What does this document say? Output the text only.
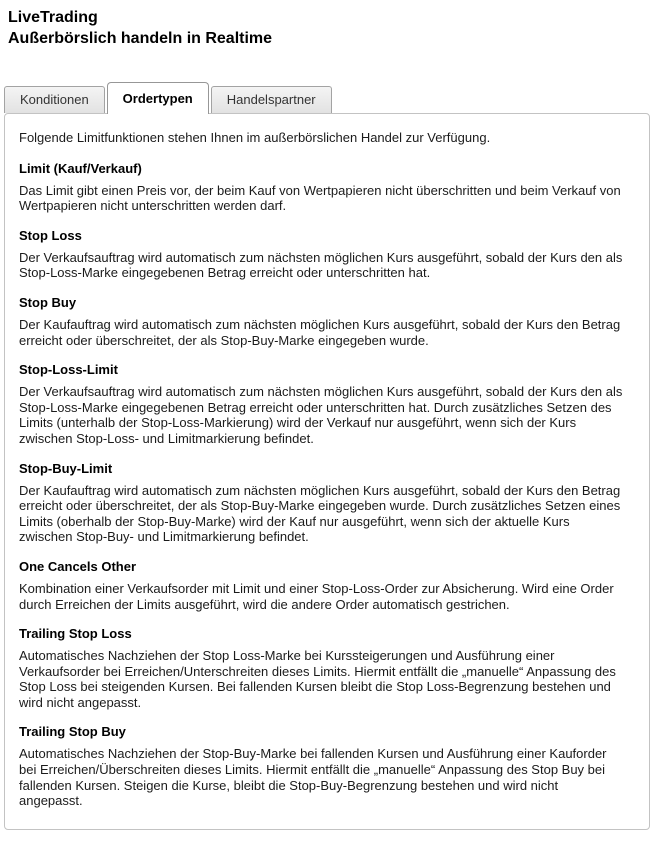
LiveTrading
Außerbörslich handeln in Realtime
Konditionen	Ordertypen	Handelspartner

Folgende Limitfunktionen stehen Ihnen im außerbörslichen Handel zur Verfügung.

Limit (Kauf/Verkauf)

Das Limit gibt einen Preis vor, der beim Kauf von Wertpapieren nicht überschritten und beim Verkauf von Wertpapieren nicht unterschritten werden darf.

Stop Loss

Der Verkaufsauftrag wird automatisch zum nächsten möglichen Kurs ausgeführt, sobald der Kurs den als Stop-Loss-Marke eingegebenen Betrag erreicht oder unterschritten hat.

Stop Buy

Der Kaufauftrag wird automatisch zum nächsten möglichen Kurs ausgeführt, sobald der Kurs den Betrag erreicht oder überschreitet, der als Stop-Buy-Marke eingegeben wurde.

Stop-Loss-Limit

Der Verkaufsauftrag wird automatisch zum nächsten möglichen Kurs ausgeführt, sobald der Kurs den als Stop-Loss-Marke eingegebenen Betrag erreicht oder unterschritten hat. Durch zusätzliches Setzen des Limits (unterhalb der Stop-Loss-Markierung) wird der Verkauf nur ausgeführt, wenn sich der Kurs zwischen Stop-Loss- und Limitmarkierung befindet.

Stop-Buy-Limit

Der Kaufauftrag wird automatisch zum nächsten möglichen Kurs ausgeführt, sobald der Kurs den Betrag erreicht oder überschreitet, der als Stop-Buy-Marke eingegeben wurde. Durch zusätzliches Setzen eines Limits (oberhalb der Stop-Buy-Marke) wird der Kauf nur ausgeführt, wenn sich der aktuelle Kurs zwischen Stop-Buy- und Limitmarkierung befindet.

One Cancels Other

Kombination einer Verkaufsorder mit Limit und einer Stop-Loss-Order zur Absicherung. Wird eine Order durch Erreichen der Limits ausgeführt, wird die andere Order automatisch gestrichen.

Trailing Stop Loss

Automatisches Nachziehen der Stop Loss-Marke bei Kurssteigerungen und Ausführung einer Verkaufsorder bei Erreichen/Unterschreiten dieses Limits. Hiermit entfällt die „manuelle“ Anpassung des Stop Loss bei steigenden Kursen. Bei fallenden Kursen bleibt die Stop Loss-Begrenzung bestehen und wird nicht angepasst.

Trailing Stop Buy

Automatisches Nachziehen der Stop-Buy-Marke bei fallenden Kursen und Ausführung einer Kauforder bei Erreichen/Überschreiten dieses Limits. Hiermit entfällt die „manuelle“ Anpassung des Stop Buy bei fallenden Kursen. Steigen die Kurse, bleibt die Stop-Buy-Begrenzung bestehen und wird nicht angepasst.
